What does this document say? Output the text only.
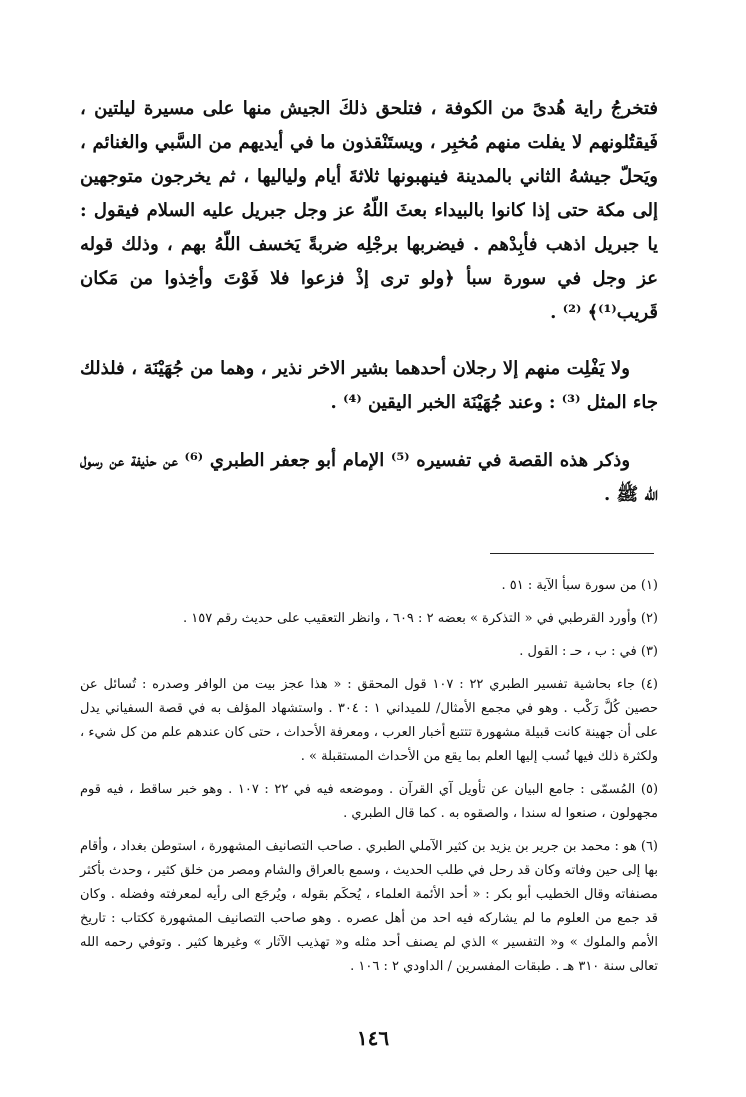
فتخرجُ راية هُدىً من الكوفة ، فتلحق ذلكَ الجيش منها على مسيرة ليلتين ، فَيقتُلونهم لا يفلت منهم مُخبِر ، ويستَنْقذون ما في أيديهم من السَّبي والغنائم ، ويَحلّ جيشهُ الثاني بالمدينة فينهبونها ثلاثةَ أيام ولياليها ، ثم يخرجون متوجهين إلى مكة حتى إذا كانوا بالبيداء بعثَ اللّهُ عز وجل جبريل عليه السلام فيقول : يا جبريل اذهب فأبِدْهم . فيضربها برجْلِه ضربةً يَخسف اللّهُ بهم ، وذلك قوله عز وجل في سورة سبأ ﴿ولو ترى إذْ فزعوا فلا فَوْتَ وأخِذوا من مَكان قَريب⁽¹⁾﴾ ⁽²⁾ .

ولا يَفْلِت منهم إلا رجلان أحدهما بشير الاخر نذير ، وهما من جُهَيْنَة ، فلذلك جاء المثل ⁽³⁾ : وعند جُهَيْنَة الخبر اليقين ⁽⁴⁾ .

وذكر هذه القصة في تفسيره ⁽⁵⁾ الإمام أبو جعفر الطبري ⁽⁶⁾ عن حذيفة عن رسول الله ﷺ .

(١) من سورة سبأ الآية : ٥١ .

(٢) وأورد القرطبي في « التذكرة » بعضه ٢ : ٦٠٩ ، وانظر التعقيب على حديث رقم ١٥٧ .

(٣) في : ب ، حـ : القول .

(٤) جاء بحاشية تفسير الطبري ٢٢ : ١٠٧ قول المحقق : « هذا عجز بيت من الوافر وصدره : تُسائل عن حصين كُلَّ رَكْب . وهو في مجمع الأمثال/ للميداني ١ : ٣٠٤ . واستشهاد المؤلف به في قصة السفياني يدل على أن جهينة كانت قبيلة مشهورة تتتبع أخبار العرب ، ومعرفة الأحداث ، حتى كان عندهم علم من كل شيء ، ولكثرة ذلك فيها نُسب إليها العلم بما يقع من الأحداث المستقبلة » .

(٥) المُسمّى : جامع البيان عن تأويل آي القرآن . وموضعه فيه في ٢٢ : ١٠٧ . وهو خبر ساقط ، فيه قوم مجهولون ، صنعوا له سندا ، والصقوه به . كما قال الطبري .

(٦) هو : محمد بن جرير بن يزيد بن كثير الآملي الطبري . صاحب التصانيف المشهورة ، استوطن بغداد ، وأقام بها إلى حين وفاته وكان قد رحل في طلب الحديث ، وسمع بالعراق والشام ومصر من خلق كثير ، وحدث بأكثر مصنفاته وقال الخطيب أبو بكر : « أحد الأئمة العلماء ، يُحكَم بقوله ، ويُرجَع الى رأيه لمعرفته وفضله . وكان قد جمع من العلوم ما لم يشاركه فيه احد من أهل عصره . وهو صاحب التصانيف المشهورة ككتاب : تاريخ الأمم والملوك » و« التفسير » الذي لم يصنف أحد مثله و« تهذيب الآثار » وغيرها كثير . وتوفي رحمه الله تعالى سنة ٣١٠ هـ . طبقات المفسرين / الداودي ٢ : ١٠٦ .

١٤٦
